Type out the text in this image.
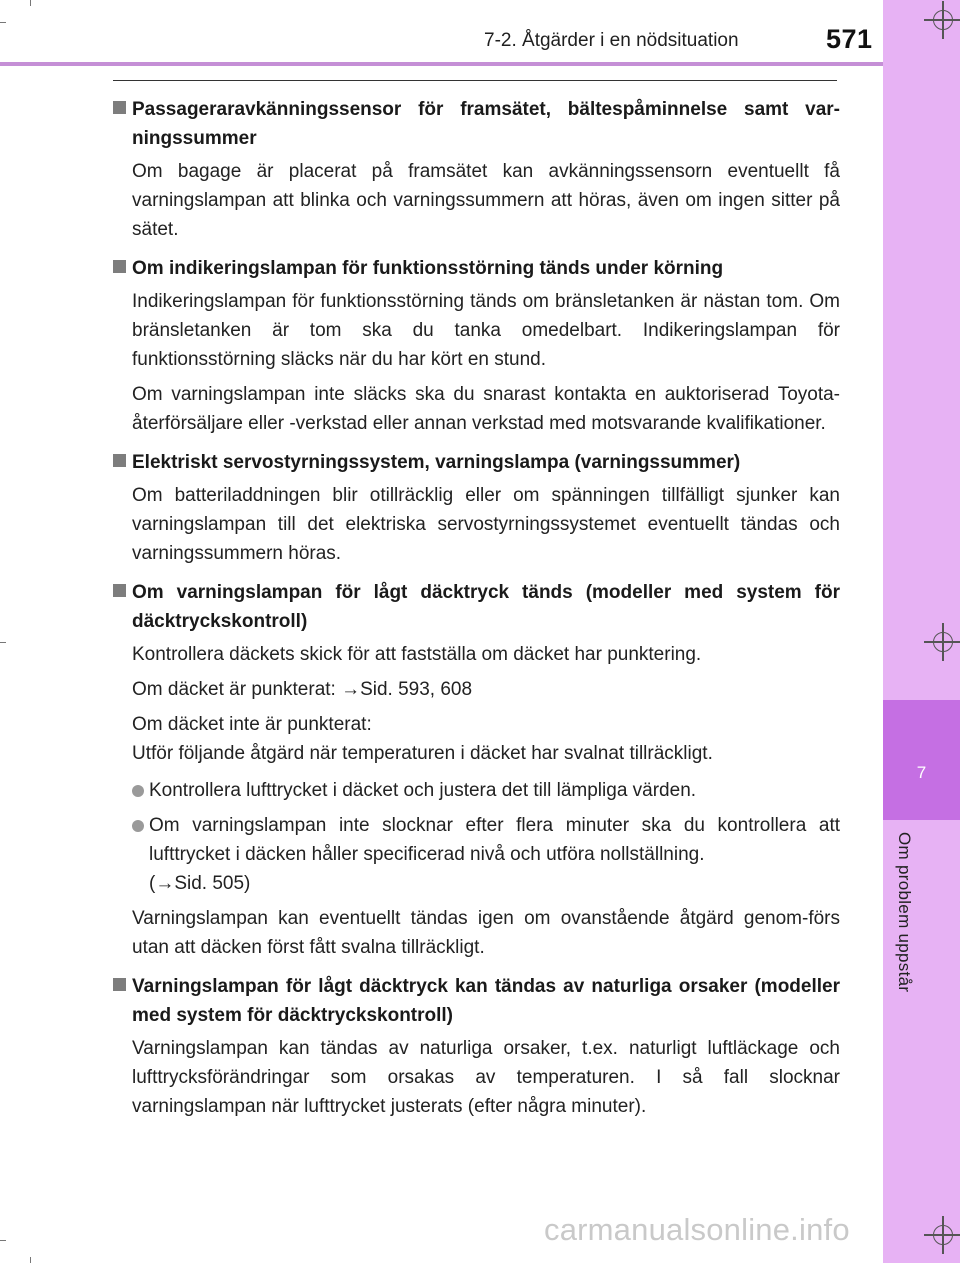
7
Om problem uppstår
7-2. Åtgärder i en nödsituation	571
Passageraravkänningssensor för framsätet, bältespåminnelse samt var-ningssummer

Om bagage är placerat på framsätet kan avkänningssensorn eventuellt få varningslampan att blinka och varningssummern att höras, även om ingen sitter på sätet.

Om indikeringslampan för funktionsstörning tänds under körning

Indikeringslampan för funktionsstörning tänds om bränsletanken är nästan tom. Om bränsletanken är tom ska du tanka omedelbart. Indikeringslampan för funktionsstörning släcks när du har kört en stund.

Om varningslampan inte släcks ska du snarast kontakta en auktoriserad Toyota-återförsäljare eller -verkstad eller annan verkstad med motsvarande kvalifikationer.

Elektriskt servostyrningssystem, varningslampa (varningssummer)

Om batteriladdningen blir otillräcklig eller om spänningen tillfälligt sjunker kan varningslampan till det elektriska servostyrningssystemet eventuellt tändas och varningssummern höras.

Om varningslampan för lågt däcktryck tänds (modeller med system för däcktryckskontroll)

Kontrollera däckets skick för att fastställa om däcket har punktering.

Om däcket är punkterat: →Sid. 593, 608

Om däcket inte är punkterat:
Utför följande åtgärd när temperaturen i däcket har svalnat tillräckligt.

Kontrollera lufttrycket i däcket och justera det till lämpliga värden.
Om varningslampan inte slocknar efter flera minuter ska du kontrollera att lufttrycket i däcken håller specificerad nivå och utföra nollställning.
(→Sid. 505)

Varningslampan kan eventuellt tändas igen om ovanstående åtgärd genom-förs utan att däcken först fått svalna tillräckligt.

Varningslampan för lågt däcktryck kan tändas av naturliga orsaker (modeller med system för däcktryckskontroll)

Varningslampan kan tändas av naturliga orsaker, t.ex. naturligt luftläckage och lufttrycksförändringar som orsakas av temperaturen. I så fall slocknar varningslampan när lufttrycket justerats (efter några minuter).

carmanualsonline.info
